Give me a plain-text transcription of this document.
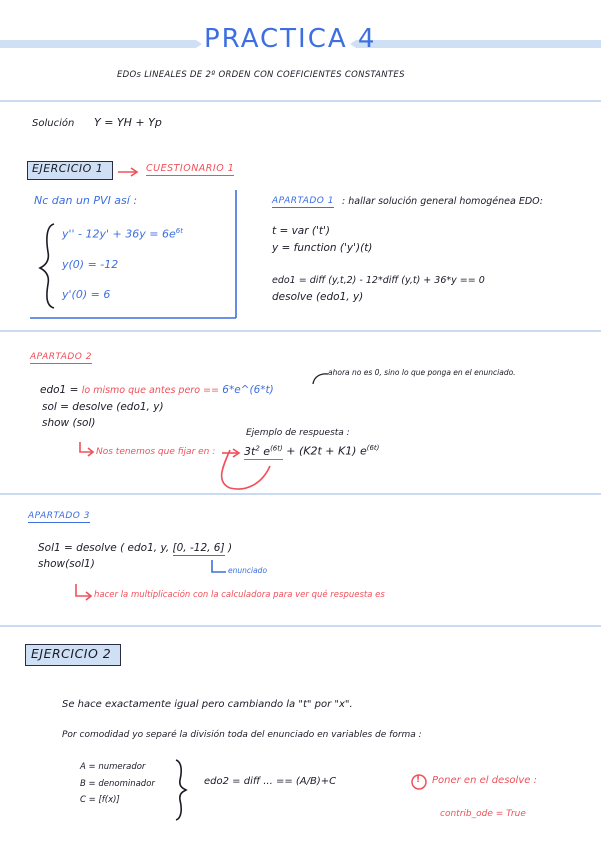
PRACTICA 4
EDOs LINEALES DE 2º ORDEN CON COEFICIENTES CONSTANTES
Solución Y = YH + Yp
EJERCICIO 1	CUESTIONARIO 1
Nc dan un PVI así :
$y'' - 12y' + 36y = 6e^{6t}$
y(0) = -12
y'(0) = 6
APARTADO 1 : hallar solución general homogénea EDO:
t = var ('t')
y = function ('y')(t)
edo1 = diff (y,t,2) - 12*diff (y,t) + 36*y == 0
desolve (edo1, y)
APARTADO 2
edo1 = lo mismo que antes pero == 6*e^(6*t)
ahora no es 0, sino lo que ponga en el enunciado.
sol = desolve (edo1, y)
show (sol)
Ejemplo de respuesta :
Nos tenemos que fijar en :	$3t^2$ $e^{(6t)} + (K2t + K1)$ $e^{(6t)}$
APARTADO 3
Sol1 = desolve ( edo1, y, [0, -12, 6] )
show(sol1)
enunciado
hacer la multiplicación con la calculadora para ver qué respuesta es
EJERCICIO 2
Se hace exactamente igual pero cambiando la "t" por "x".
Por comodidad yo separé la división toda del enunciado en variables de forma :
A = numerador
B = denominador
C = [f(x)]
edo2 = diff ... == (A/B)+C	! Poner en el desolve :
contrib_ode = True
